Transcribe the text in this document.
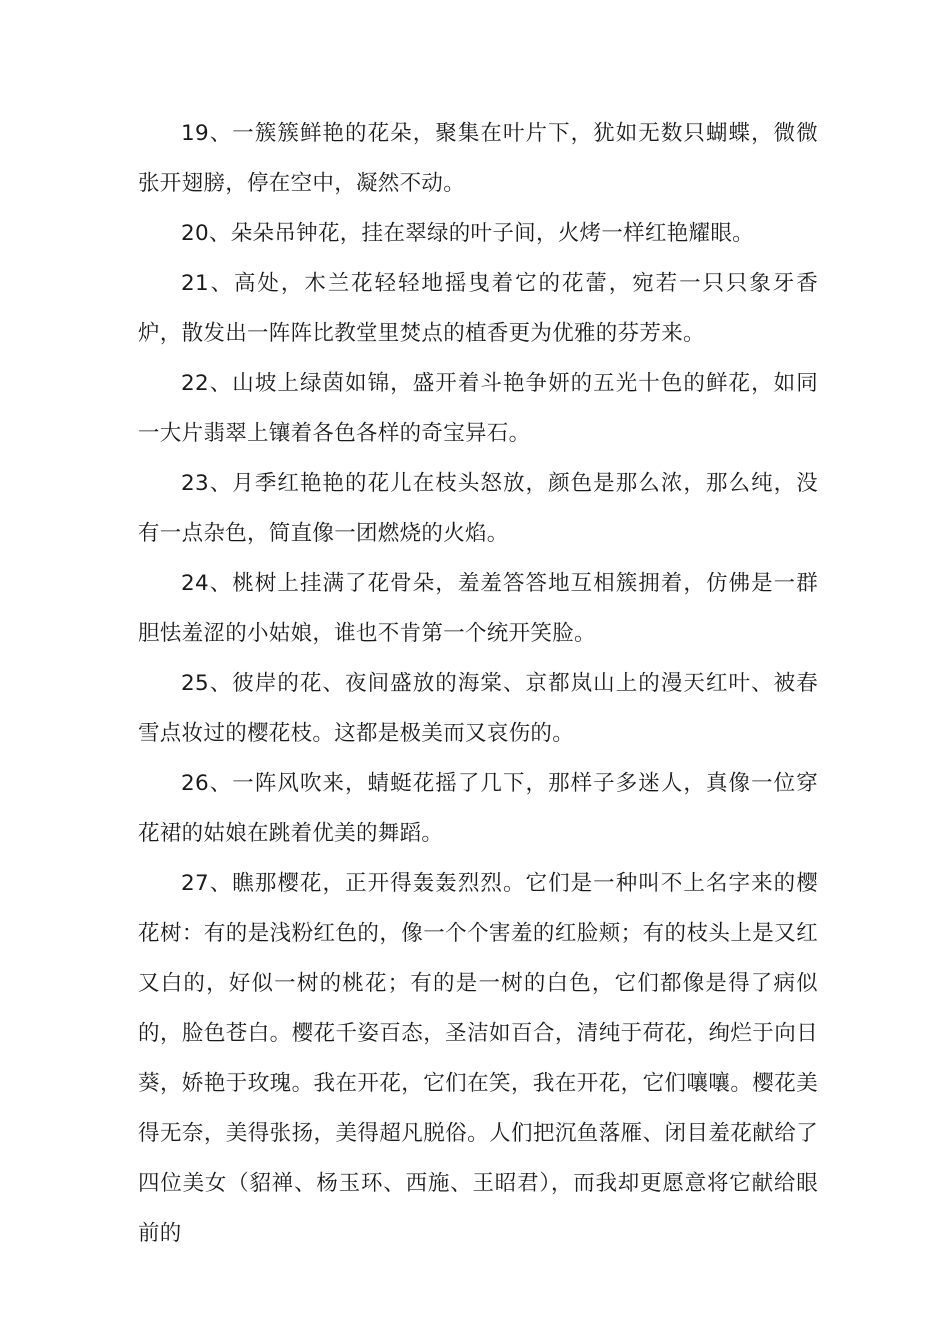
19、一簇簇鲜艳的花朵，聚集在叶片下，犹如无数只蝴蝶，微微张开翅膀，停在空中，凝然不动。

20、朵朵吊钟花，挂在翠绿的叶子间，火烤一样红艳耀眼。

21、高处，木兰花轻轻地摇曳着它的花蕾，宛若一只只象牙香炉，散发出一阵阵比教堂里焚点的植香更为优雅的芬芳来。

22、山坡上绿茵如锦，盛开着斗艳争妍的五光十色的鲜花，如同一大片翡翠上镶着各色各样的奇宝异石。

23、月季红艳艳的花儿在枝头怒放，颜色是那么浓，那么纯，没有一点杂色，简直像一团燃烧的火焰。

24、桃树上挂满了花骨朵，羞羞答答地互相簇拥着，仿佛是一群胆怯羞涩的小姑娘，谁也不肯第一个统开笑脸。

25、彼岸的花、夜间盛放的海棠、京都岚山上的漫天红叶、被春雪点妆过的樱花枝。这都是极美而又哀伤的。

26、一阵风吹来，蜻蜓花摇了几下，那样子多迷人，真像一位穿花裙的姑娘在跳着优美的舞蹈。

27、瞧那樱花，正开得轰轰烈烈。它们是一种叫不上名字来的樱花树：有的是浅粉红色的，像一个个害羞的红脸颊；有的枝头上是又红又白的，好似一树的桃花；有的是一树的白色，它们都像是得了病似的，脸色苍白。樱花千姿百态，圣洁如百合，清纯于荷花，绚烂于向日葵，娇艳于玫瑰。我在开花，它们在笑，我在开花，它们嚷嚷。樱花美得无奈，美得张扬，美得超凡脱俗。人们把沉鱼落雁、闭目羞花献给了四位美女（貂禅、杨玉环、西施、王昭君），而我却更愿意将它献给眼前的
